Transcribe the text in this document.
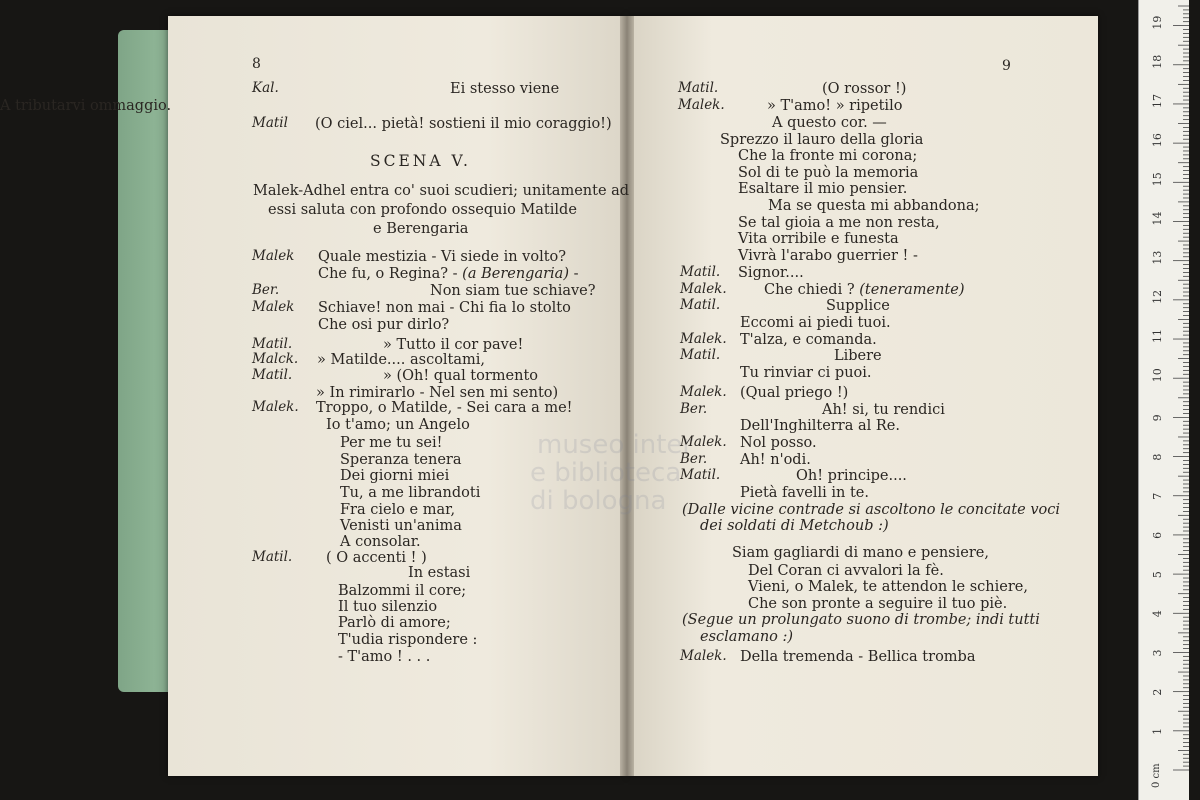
museo inter
e biblioteca
di bologna
8	9
Kal.	Ei stesso viene
A tributarvi ommaggio.
Matil (O ciel... pietà! sostieni il mio coraggio!)
SCENA V.
Malek-Adhel entra co' suoi scudieri; unitamente ad
essi saluta con profondo ossequio Matilde
e Berengaria
Malek Quale mestizia - Vi siede in volto?
Che fu, o Regina? - (a Berengaria) -
Ber.	Non siam tue schiave?
Malek Schiave! non mai - Chi fia lo stolto
Che osi pur dirlo?
Matil.	» Tutto il cor pave!
Malck. » Matilde.... ascoltami,
Matil.	» (Oh! qual tormento
» In rimirarlo - Nel sen mi sento)
Malek. Troppo, o Matilde, - Sei cara a me!
Io t'amo; un Angelo
Per me tu sei!
Speranza tenera
Dei giorni miei
Tu, a me librandoti
Fra cielo e mar,
Venisti un'anima
A consolar.
Matil. ( O accenti ! )
In estasi
Balzommi il core;
Il tuo silenzio
Parlò di amore;
T'udia rispondere :
- T'amo ! . . .
Matil.	(O rossor !)
Malek.	» T'amo! » ripetilo
A questo cor. —
Sprezzo il lauro della gloria
Che la fronte mi corona;
Sol di te può la memoria
Esaltare il mio pensier.
Ma se questa mi abbandona;
Se tal gioia a me non resta,
Vita orribile e funesta
Vivrà l'arabo guerrier ! -
Matil. Signor....
Malek.	Che chiedi ? (teneramente)
Matil.	Supplice
Eccomi ai piedi tuoi.
Malek. T'alza, e comanda.
Matil.	Libere
Tu rinviar ci puoi.
Malek. (Qual priego !)
Ber.	Ah! si, tu rendici
Dell'Inghilterra al Re.
Malek. Nol posso.
Ber. Ah! n'odi.
Matil.	Oh! principe....
Pietà favelli in te.
(Dalle vicine contrade si ascoltono le concitate voci
dei soldati di Metchoub :)
Siam gagliardi di mano e pensiere,
Del Coran ci avvalori la fè.
Vieni, o Malek, te attendon le schiere,
Che son pronte a seguire il tuo piè.
(Segue un prolungato suono di trombe; indi tutti
esclamano :)
Malek. Della tremenda - Bellica tromba
19
18
17
16
15
14
13
12
11
10
9
8
7
6
5
4
3
2
1
0 cm
